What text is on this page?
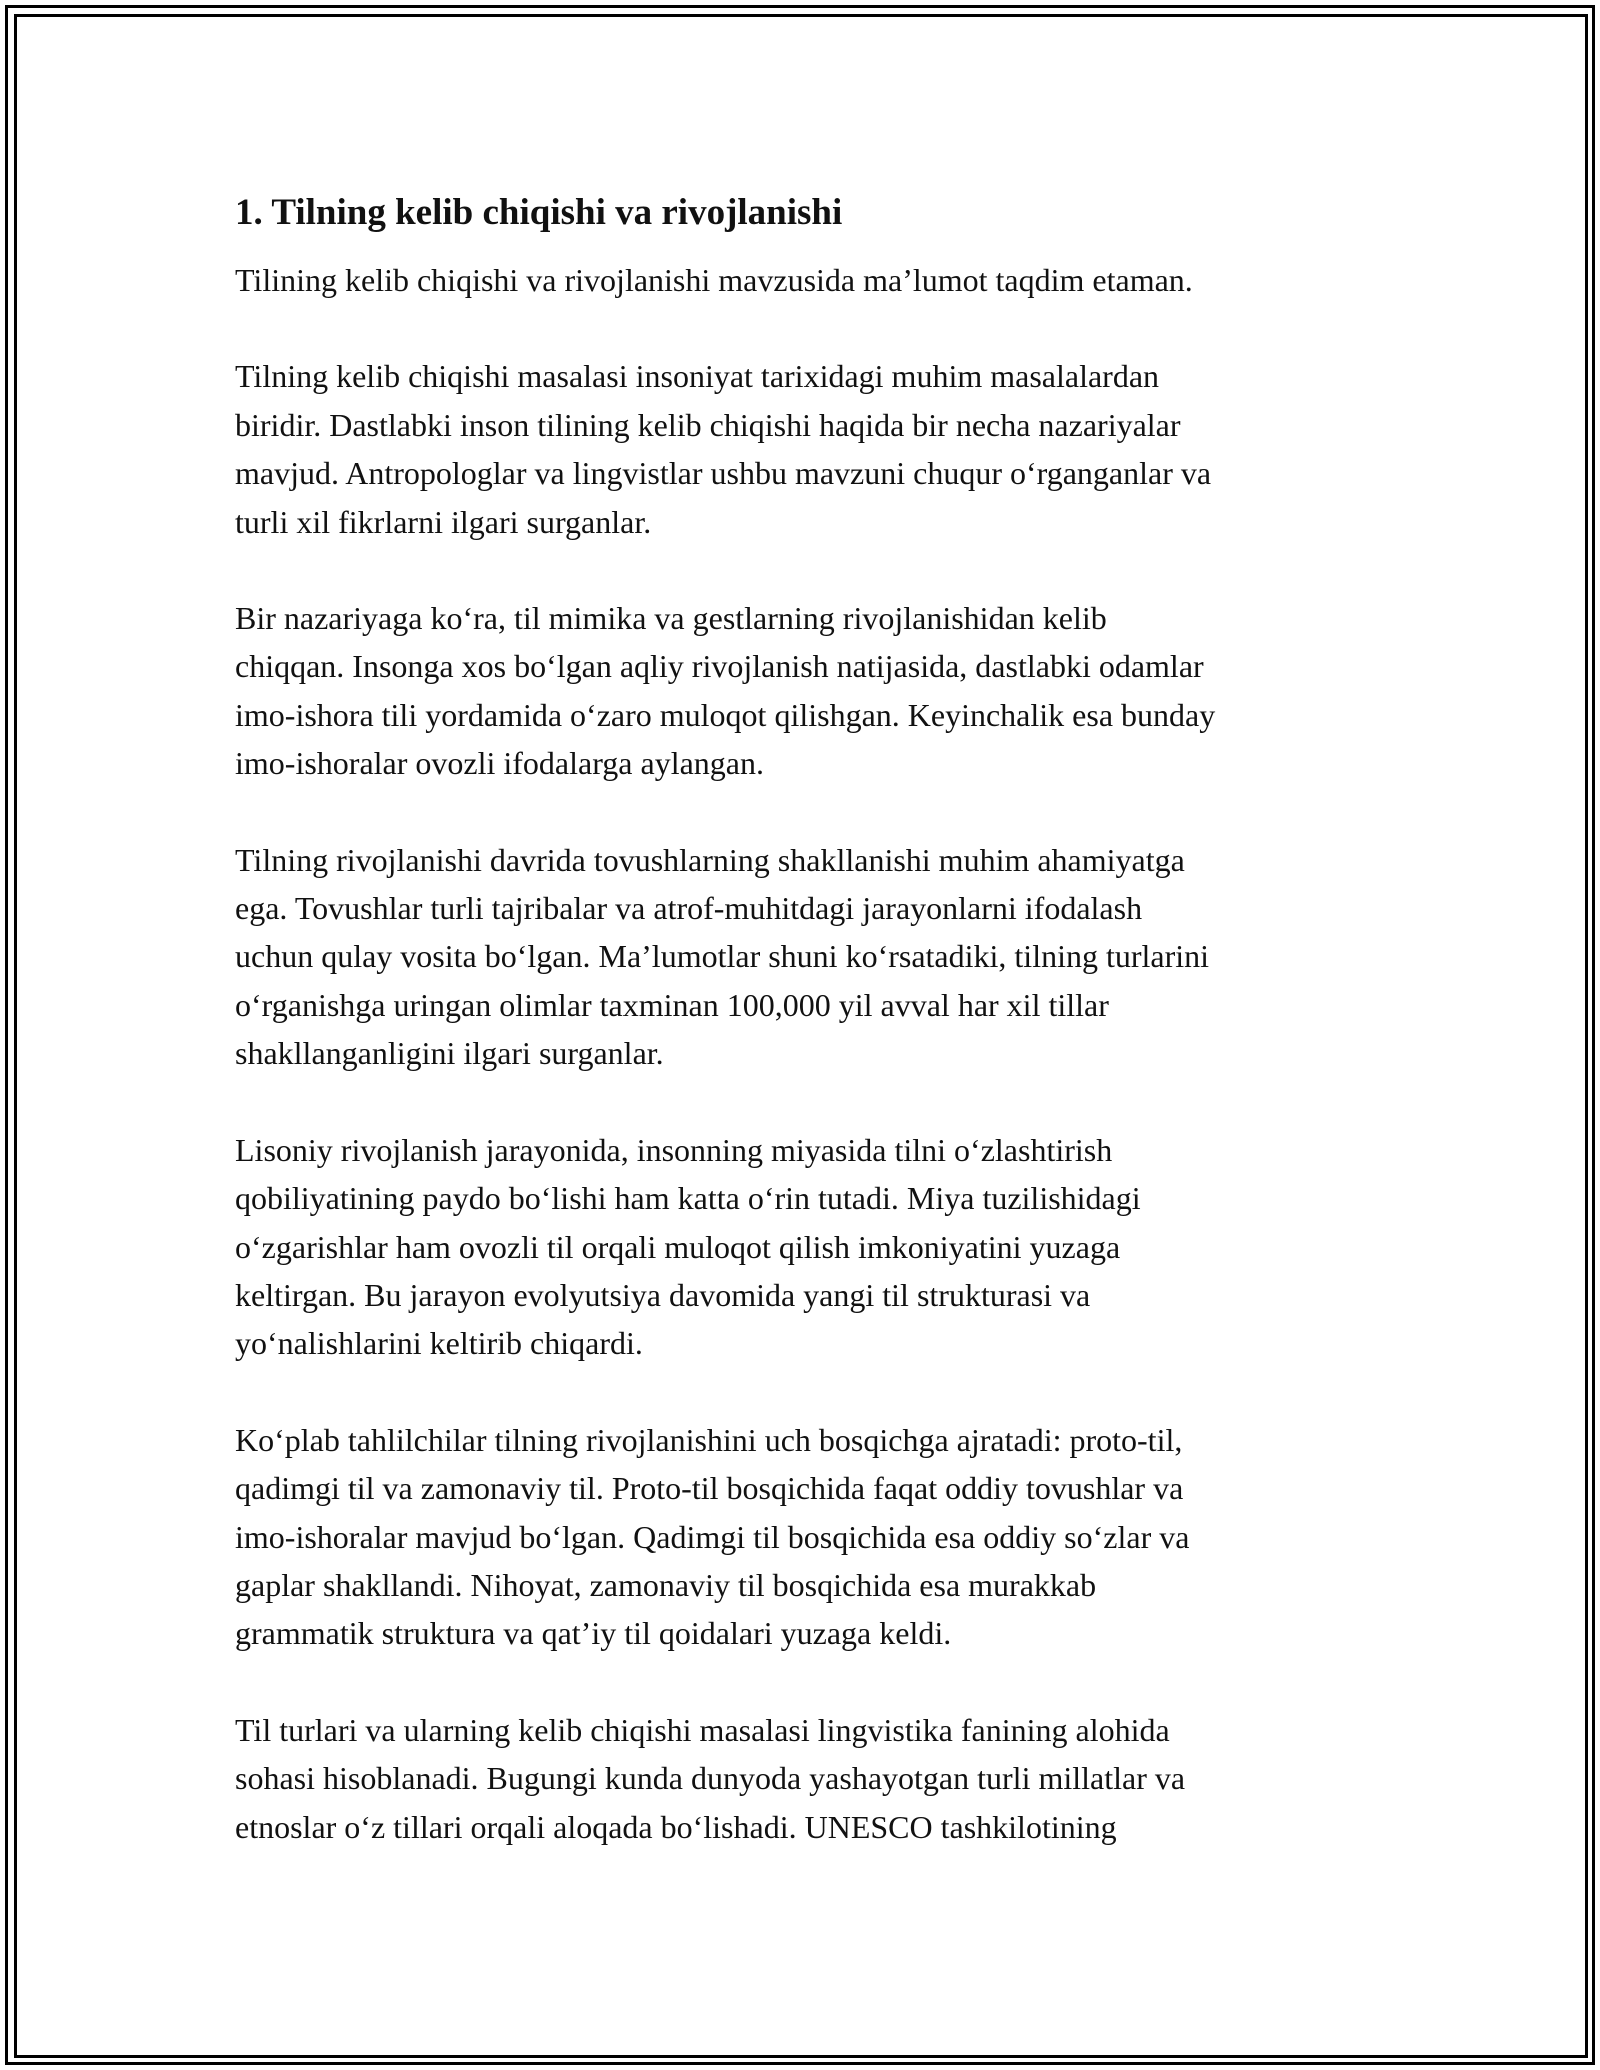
1. Tilning kelib chiqishi va rivojlanishi

Tilining kelib chiqishi va rivojlanishi mavzusida ma’lumot taqdim etaman.

Tilning kelib chiqishi masalasi insoniyat tarixidagi muhim masalalardan
biridir. Dastlabki inson tilining kelib chiqishi haqida bir necha nazariyalar
mavjud. Antropologlar va lingvistlar ushbu mavzuni chuqur o‘rganganlar va
turli xil fikrlarni ilgari surganlar.

Bir nazariyaga ko‘ra, til mimika va gestlarning rivojlanishidan kelib
chiqqan. Insonga xos bo‘lgan aqliy rivojlanish natijasida, dastlabki odamlar
imo-ishora tili yordamida o‘zaro muloqot qilishgan. Keyinchalik esa bunday
imo-ishoralar ovozli ifodalarga aylangan.

Tilning rivojlanishi davrida tovushlarning shakllanishi muhim ahamiyatga
ega. Tovushlar turli tajribalar va atrof-muhitdagi jarayonlarni ifodalash
uchun qulay vosita bo‘lgan. Ma’lumotlar shuni ko‘rsatadiki, tilning turlarini
o‘rganishga uringan olimlar taxminan 100,000 yil avval har xil tillar
shakllanganligini ilgari surganlar.

Lisoniy rivojlanish jarayonida, insonning miyasida tilni o‘zlashtirish
qobiliyatining paydo bo‘lishi ham katta o‘rin tutadi. Miya tuzilishidagi
o‘zgarishlar ham ovozli til orqali muloqot qilish imkoniyatini yuzaga
keltirgan. Bu jarayon evolyutsiya davomida yangi til strukturasi va
yo‘nalishlarini keltirib chiqardi.

Ko‘plab tahlilchilar tilning rivojlanishini uch bosqichga ajratadi: proto-til,
qadimgi til va zamonaviy til. Proto-til bosqichida faqat oddiy tovushlar va
imo-ishoralar mavjud bo‘lgan. Qadimgi til bosqichida esa oddiy so‘zlar va
gaplar shakllandi. Nihoyat, zamonaviy til bosqichida esa murakkab
grammatik struktura va qat’iy til qoidalari yuzaga keldi.

Til turlari va ularning kelib chiqishi masalasi lingvistika fanining alohida
sohasi hisoblanadi. Bugungi kunda dunyoda yashayotgan turli millatlar va
etnoslar o‘z tillari orqali aloqada bo‘lishadi. UNESCO tashkilotining
